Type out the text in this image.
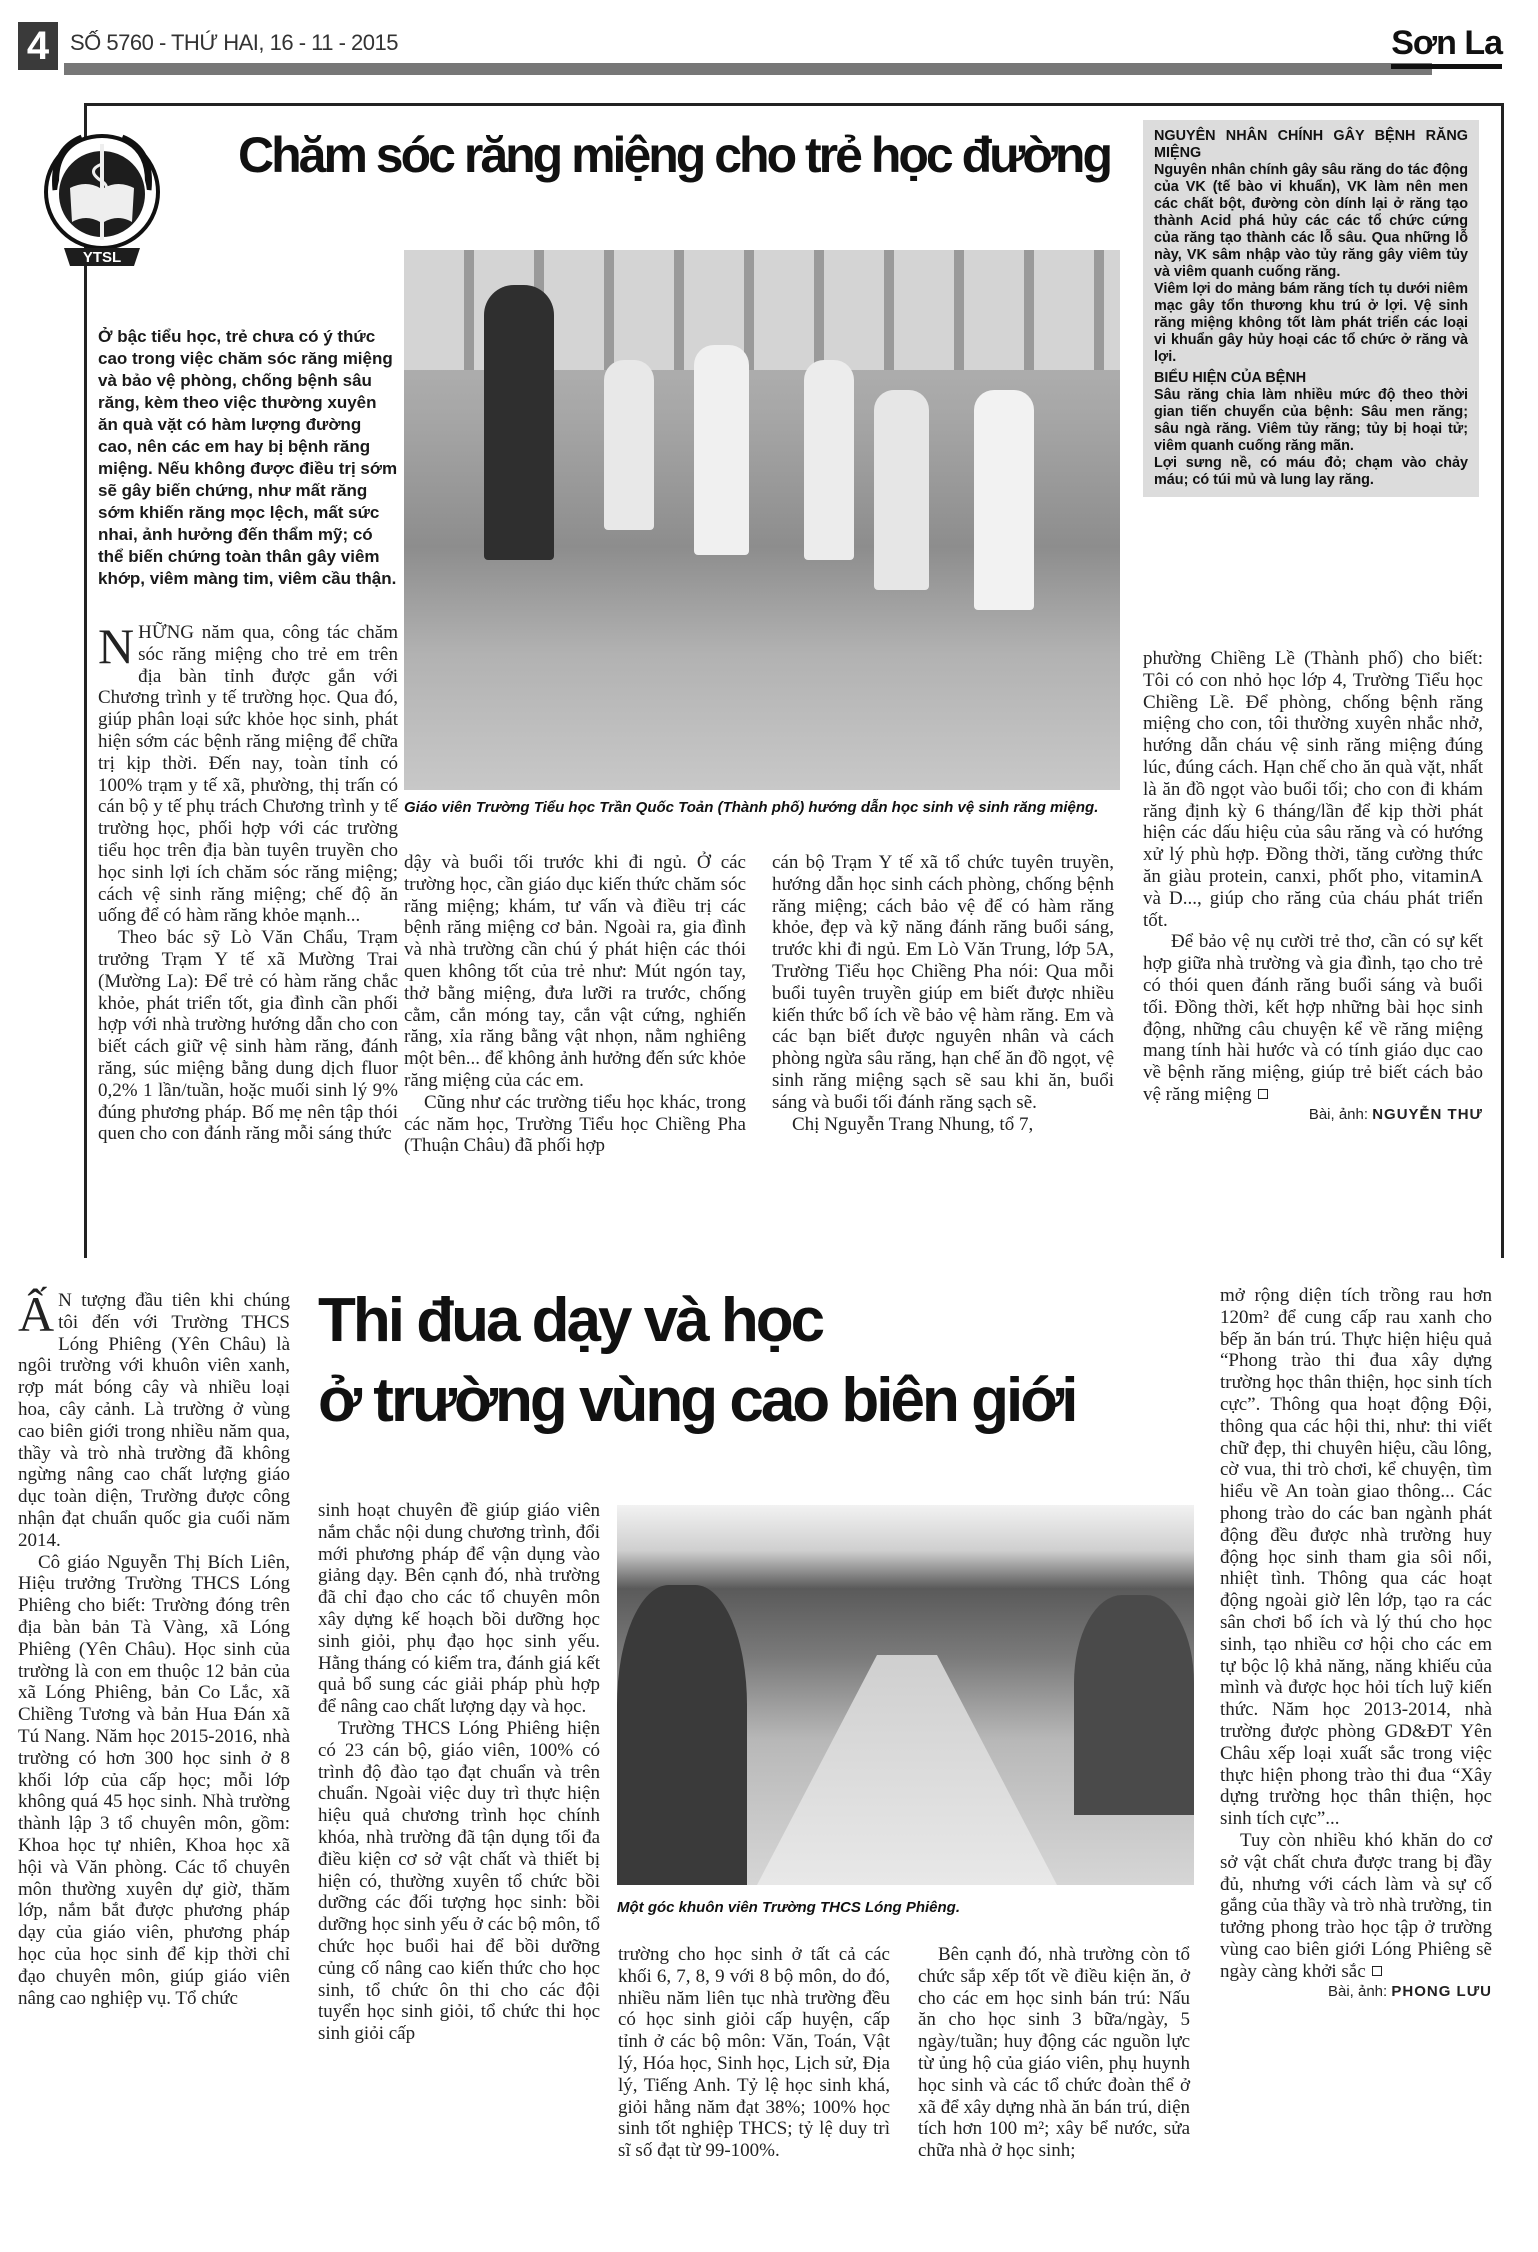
4 SỐ 5760 - THỨ HAI, 16 - 11 - 2015	Sơn La
YTSL
Chăm sóc răng miệng cho trẻ học đường
Ở bậc tiểu học, trẻ chưa có ý thức cao trong việc chăm sóc răng miệng và bảo vệ phòng, chống bệnh sâu răng, kèm theo việc thường xuyên ăn quà vặt có hàm lượng đường cao, nên các em hay bị bệnh răng miệng. Nếu không được điều trị sớm sẽ gây biến chứng, như mất răng sớm khiến răng mọc lệch, mất sức nhai, ảnh hưởng đến thẩm mỹ; có thể biến chứng toàn thân gây viêm khớp, viêm màng tim, viêm cầu thận.

NHỮNG năm qua, công tác chăm sóc răng miệng cho trẻ em trên địa bàn tỉnh được gắn với Chương trình y tế trường học. Qua đó, giúp phân loại sức khỏe học sinh, phát hiện sớm các bệnh răng miệng để chữa trị kịp thời. Đến nay, toàn tỉnh có 100% trạm y tế xã, phường, thị trấn có cán bộ y tế phụ trách Chương trình y tế trường học, phối hợp với các trường tiểu học trên địa bàn tuyên truyền cho học sinh lợi ích chăm sóc răng miệng; cách vệ sinh răng miệng; chế độ ăn uống để có hàm răng khỏe mạnh...

Theo bác sỹ Lò Văn Chẩu, Trạm trưởng Trạm Y tế xã Mường Trai (Mường La): Để trẻ có hàm răng chắc khỏe, phát triển tốt, gia đình cần phối hợp với nhà trường hướng dẫn cho con biết cách giữ vệ sinh hàm răng, đánh răng, súc miệng bằng dung dịch fluor 0,2% 1 lần/tuần, hoặc muối sinh lý 9% đúng phương pháp. Bố mẹ nên tập thói quen cho con đánh răng mỗi sáng thức

Giáo viên Trường Tiểu học Trần Quốc Toản (Thành phố) hướng dẫn học sinh vệ sinh răng miệng.

dậy và buổi tối trước khi đi ngủ. Ở các trường học, cần giáo dục kiến thức chăm sóc răng miệng; khám, tư vấn và điều trị các bệnh răng miệng cơ bản. Ngoài ra, gia đình và nhà trường cần chú ý phát hiện các thói quen không tốt của trẻ như: Mút ngón tay, thở bằng miệng, đưa lưỡi ra trước, chống cằm, cắn móng tay, cắn vật cứng, nghiến răng, xỉa răng bằng vật nhọn, nằm nghiêng một bên... để không ảnh hưởng đến sức khỏe răng miệng của các em.

Cũng như các trường tiểu học khác, trong các năm học, Trường Tiểu học Chiềng Pha (Thuận Châu) đã phối hợp

cán bộ Trạm Y tế xã tổ chức tuyên truyền, hướng dẫn học sinh cách phòng, chống bệnh răng miệng; cách bảo vệ để có hàm răng khỏe, đẹp và kỹ năng đánh răng buổi sáng, trước khi đi ngủ. Em Lò Văn Trung, lớp 5A, Trường Tiểu học Chiềng Pha nói: Qua mỗi buổi tuyên truyền giúp em biết được nhiều kiến thức bổ ích về bảo vệ hàm răng. Em và các bạn biết được nguyên nhân và cách phòng ngừa sâu răng, hạn chế ăn đồ ngọt, vệ sinh răng miệng sạch sẽ sau khi ăn, buổi sáng và buổi tối đánh răng sạch sẽ.

Chị Nguyễn Trang Nhung, tổ 7,

NGUYÊN NHÂN CHÍNH GÂY BỆNH RĂNG MIỆNG
Nguyên nhân chính gây sâu răng do tác động của VK (tế bào vi khuẩn), VK làm nên men các chất bột, đường còn dính lại ở răng tạo thành Acid phá hủy các các tổ chức cứng của răng tạo thành các lỗ sâu. Qua những lỗ này, VK sâm nhập vào tủy răng gây viêm tủy và viêm quanh cuống răng.
Viêm lợi do mảng bám răng tích tụ dưới niêm mạc gây tổn thương khu trú ở lợi. Vệ sinh răng miệng không tốt làm phát triển các loại vi khuẩn gây hủy hoại các tổ chức ở răng và lợi.
BIỂU HIỆN CỦA BỆNH
Sâu răng chia làm nhiều mức độ theo thời gian tiến chuyển của bệnh: Sâu men răng; sâu ngà răng. Viêm tủy răng; tủy bị hoại tử; viêm quanh cuống răng mãn.
Lợi sưng nề, có máu đỏ; chạm vào chảy máu; có túi mủ và lung lay răng.

phường Chiềng Lề (Thành phố) cho biết: Tôi có con nhỏ học lớp 4, Trường Tiểu học Chiềng Lề. Để phòng, chống bệnh răng miệng cho con, tôi thường xuyên nhắc nhở, hướng dẫn cháu vệ sinh răng miệng đúng lúc, đúng cách. Hạn chế cho ăn quà vặt, nhất là ăn đồ ngọt vào buổi tối; cho con đi khám răng định kỳ 6 tháng/lần để kịp thời phát hiện các dấu hiệu của sâu răng và có hướng xử lý phù hợp. Đồng thời, tăng cường thức ăn giàu protein, canxi, phốt pho, vitaminA và D..., giúp cho răng của cháu phát triển tốt.

Để bảo vệ nụ cười trẻ thơ, cần có sự kết hợp giữa nhà trường và gia đình, tạo cho trẻ có thói quen đánh răng buổi sáng và buổi tối. Đồng thời, kết hợp những bài học sinh động, những câu chuyện kể về răng miệng mang tính hài hước và có tính giáo dục cao về bệnh răng miệng, giúp trẻ biết cách bảo vệ răng miệng

Bài, ảnh: NGUYỄN THƯ

Ấ N tượng đầu tiên khi chúng tôi đến với Trường THCS Lóng Phiêng (Yên Châu) là ngôi trường với khuôn viên xanh, rợp mát bóng cây và nhiều loại hoa, cây cảnh. Là trường ở vùng cao biên giới trong nhiều năm qua, thầy và trò nhà trường đã không ngừng nâng cao chất lượng giáo dục toàn diện, Trường được công nhận đạt chuẩn quốc gia cuối năm 2014.

Cô giáo Nguyễn Thị Bích Liên, Hiệu trưởng Trường THCS Lóng Phiêng cho biết: Trường đóng trên địa bàn bản Tà Vàng, xã Lóng Phiêng (Yên Châu). Học sinh của trường là con em thuộc 12 bản của xã Lóng Phiêng, bản Co Lắc, xã Chiềng Tương và bản Hua Đán xã Tú Nang. Năm học 2015-2016, nhà trường có hơn 300 học sinh ở 8 khối lớp của cấp học; mỗi lớp không quá 45 học sinh. Nhà trường thành lập 3 tổ chuyên môn, gồm: Khoa học tự nhiên, Khoa học xã hội và Văn phòng. Các tổ chuyên môn thường xuyên dự giờ, thăm lớp, nắm bắt được phương pháp dạy của giáo viên, phương pháp học của học sinh để kịp thời chỉ đạo chuyên môn, giúp giáo viên nâng cao nghiệp vụ. Tổ chức

Thi đua dạy và học
ở trường vùng cao biên giới

sinh hoạt chuyên đề giúp giáo viên nắm chắc nội dung chương trình, đổi mới phương pháp để vận dụng vào giảng dạy. Bên cạnh đó, nhà trường đã chỉ đạo cho các tổ chuyên môn xây dựng kế hoạch bồi dưỡng học sinh giỏi, phụ đạo học sinh yếu. Hằng tháng có kiểm tra, đánh giá kết quả bổ sung các giải pháp phù hợp để nâng cao chất lượng dạy và học.

Trường THCS Lóng Phiêng hiện có 23 cán bộ, giáo viên, 100% có trình độ đào tạo đạt chuẩn và trên chuẩn. Ngoài việc duy trì thực hiện hiệu quả chương trình học chính khóa, nhà trường đã tận dụng tối đa điều kiện cơ sở vật chất và thiết bị hiện có, thường xuyên tổ chức bồi dưỡng các đối tượng học sinh: bồi dưỡng học sinh yếu ở các bộ môn, tổ chức học buổi hai để bồi dưỡng củng cố nâng cao kiến thức cho học sinh, tổ chức ôn thi cho các đội tuyển học sinh giỏi, tổ chức thi học sinh giỏi cấp

Một góc khuôn viên Trường THCS Lóng Phiêng.

trường cho học sinh ở tất cả các khối 6, 7, 8, 9 với 8 bộ môn, do đó, nhiều năm liên tục nhà trường đều có học sinh giỏi cấp huyện, cấp tỉnh ở các bộ môn: Văn, Toán, Vật lý, Hóa học, Sinh học, Lịch sử, Địa lý, Tiếng Anh. Tỷ lệ học sinh khá, giỏi hằng năm đạt 38%; 100% học sinh tốt nghiệp THCS; tỷ lệ duy trì sĩ số đạt từ 99-100%.

Bên cạnh đó, nhà trường còn tổ chức sắp xếp tốt về điều kiện ăn, ở cho các em học sinh bán trú: Nấu ăn cho học sinh 3 bữa/ngày, 5 ngày/tuần; huy động các nguồn lực từ ủng hộ của giáo viên, phụ huynh học sinh và các tổ chức đoàn thể ở xã để xây dựng nhà ăn bán trú, diện tích hơn 100 m²; xây bể nước, sửa chữa nhà ở học sinh;

mở rộng diện tích trồng rau hơn 120m² để cung cấp rau xanh cho bếp ăn bán trú. Thực hiện hiệu quả “Phong trào thi đua xây dựng trường học thân thiện, học sinh tích cực”. Thông qua hoạt động Đội, thông qua các hội thi, như: thi viết chữ đẹp, thi chuyên hiệu, cầu lông, cờ vua, thi trò chơi, kể chuyện, tìm hiểu về An toàn giao thông... Các phong trào do các ban ngành phát động đều được nhà trường huy động học sinh tham gia sôi nổi, nhiệt tình. Thông qua các hoạt động ngoài giờ lên lớp, tạo ra các sân chơi bổ ích và lý thú cho học sinh, tạo nhiều cơ hội cho các em tự bộc lộ khả năng, năng khiếu của mình và được học hỏi tích luỹ kiến thức. Năm học 2013-2014, nhà trường được phòng GD&ĐT Yên Châu xếp loại xuất sắc trong việc thực hiện phong trào thi đua “Xây dựng trường học thân thiện, học sinh tích cực”...

Tuy còn nhiều khó khăn do cơ sở vật chất chưa được trang bị đầy đủ, nhưng với cách làm và sự cố gắng của thầy và trò nhà trường, tin tưởng phong trào học tập ở trường vùng cao biên giới Lóng Phiêng sẽ ngày càng khởi sắc

Bài, ảnh: PHONG LƯU
